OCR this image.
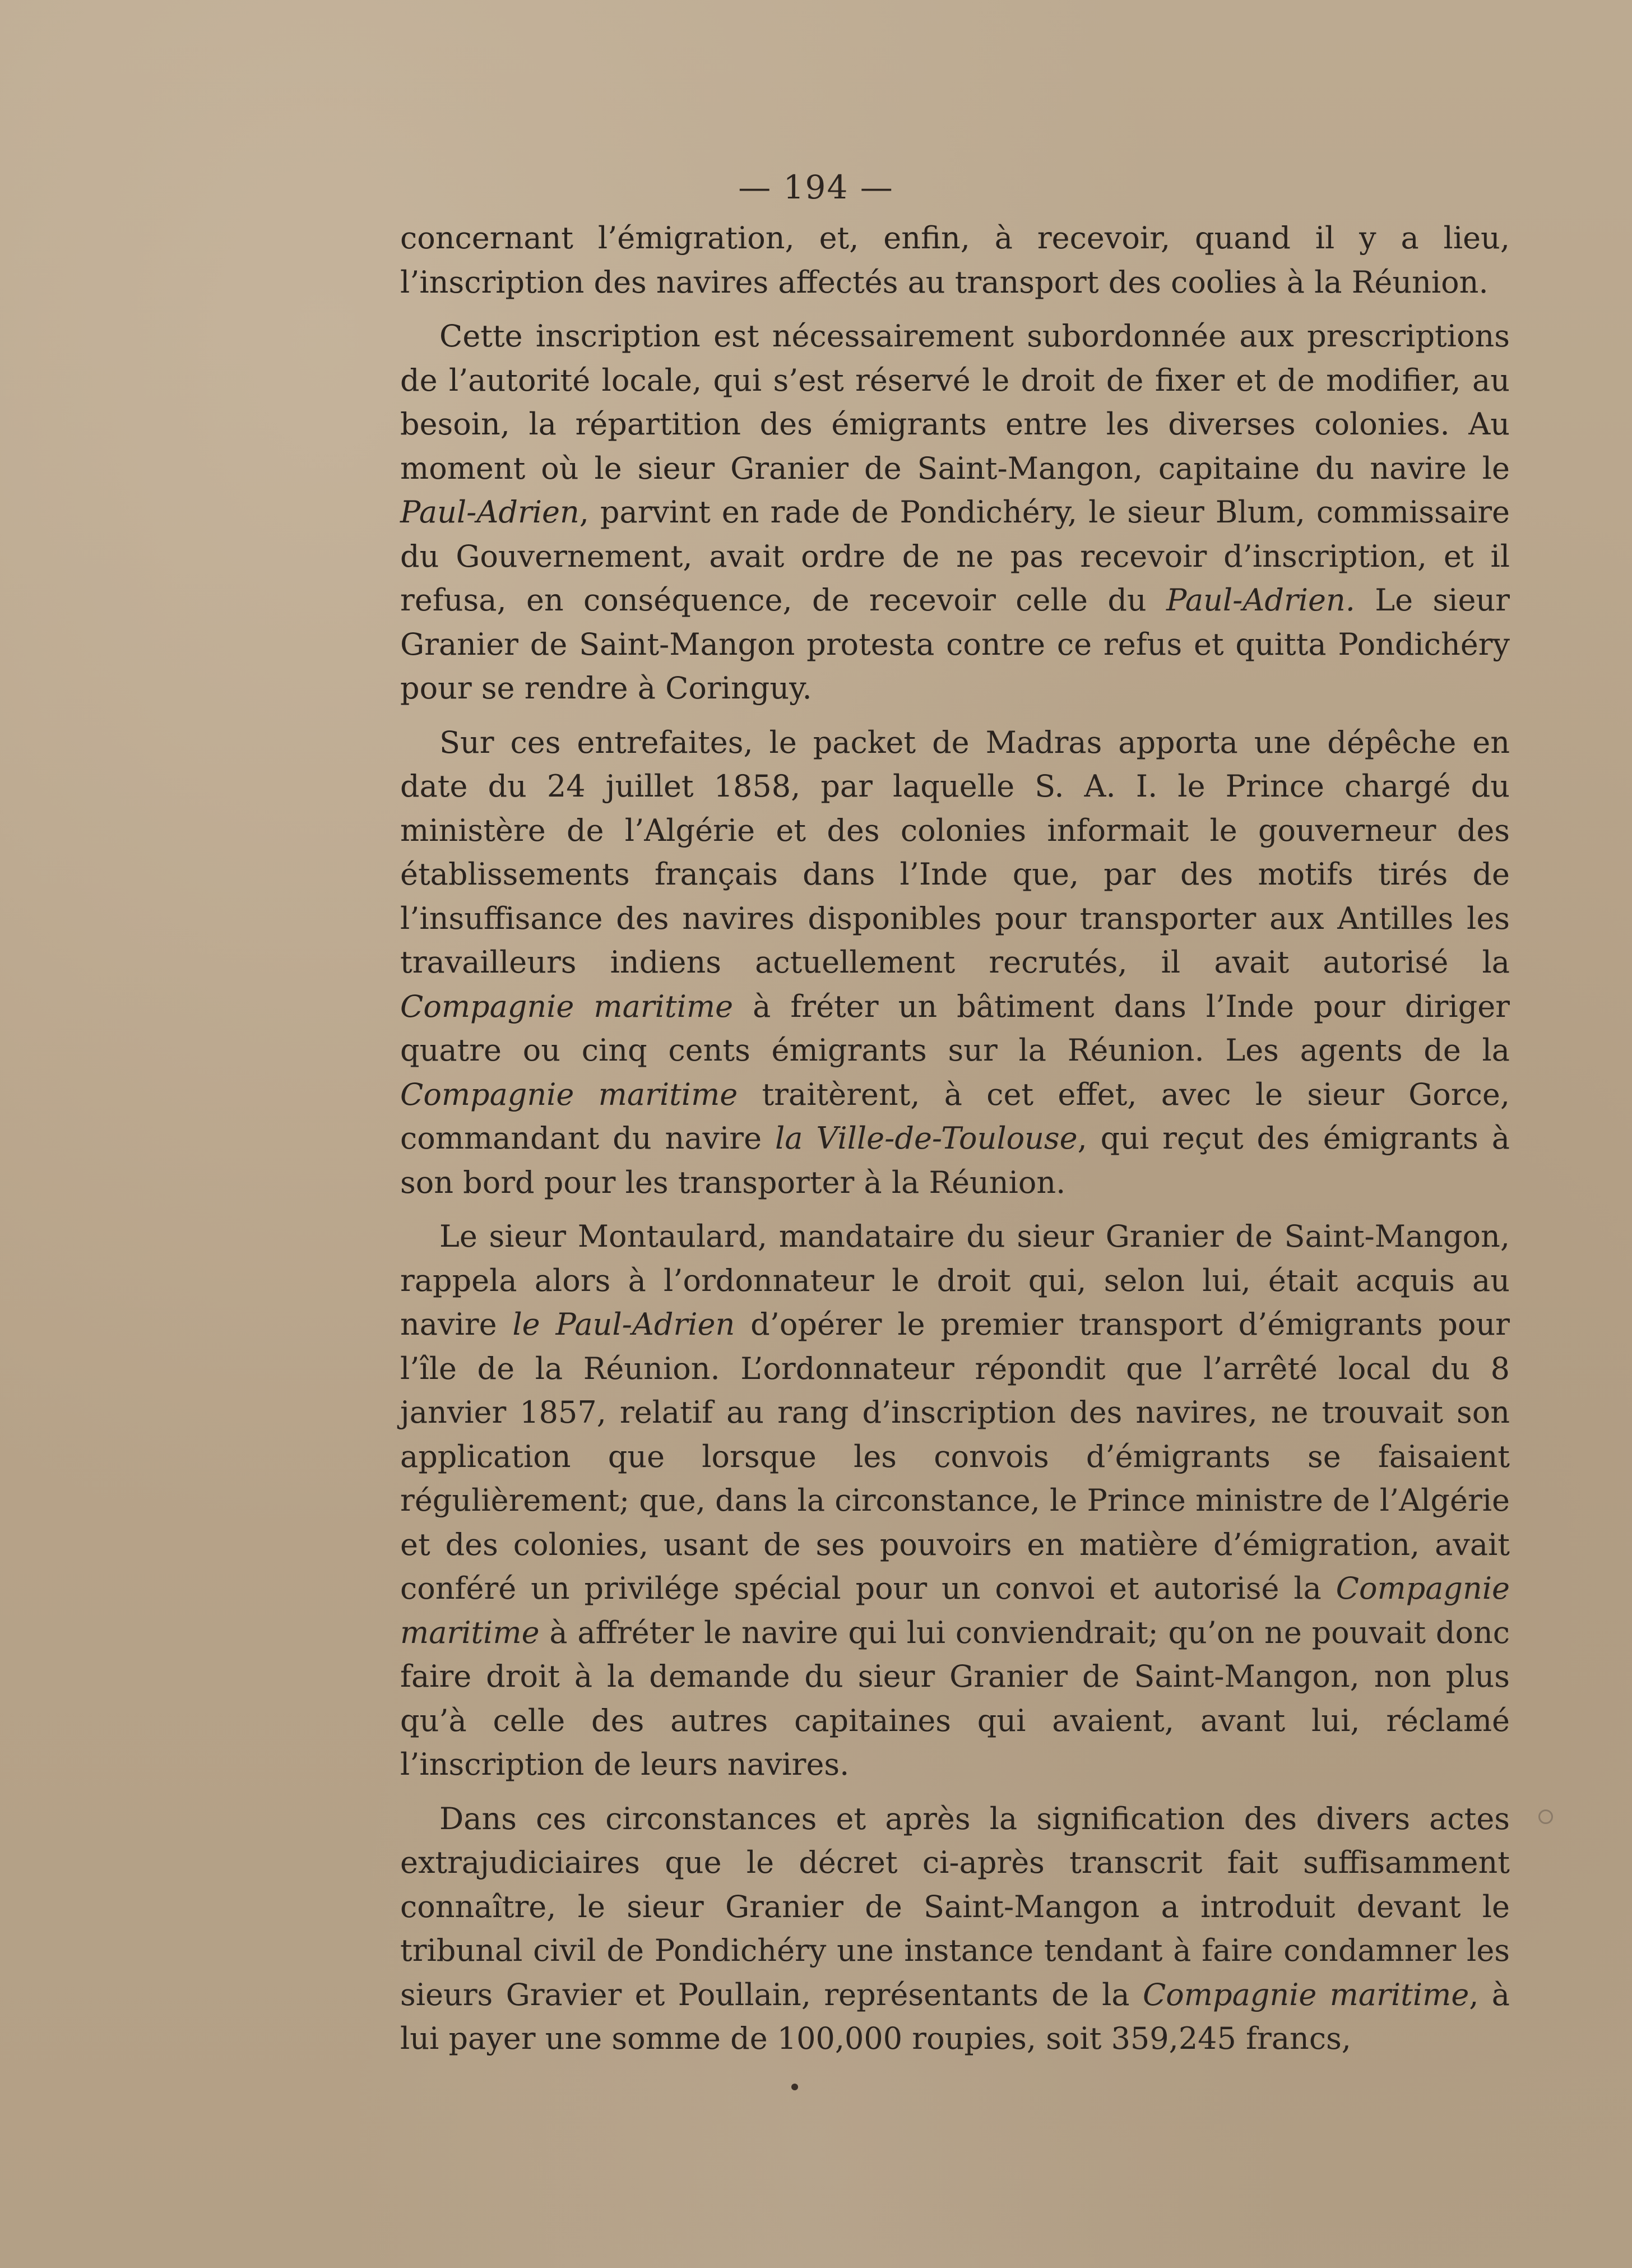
— 194 —

concernant l’émigration, et, enfin, à recevoir, quand il y a lieu, l’inscription des navires affectés au transport des coolies à la Réunion.

Cette inscription est nécessairement subordonnée aux prescriptions de l’autorité locale, qui s’est réservé le droit de fixer et de modifier, au besoin, la répartition des émigrants entre les diverses colonies. Au moment où le sieur Granier de Saint-Mangon, capitaine du navire le Paul-Adrien, parvint en rade de Pondichéry, le sieur Blum, commissaire du Gouvernement, avait ordre de ne pas recevoir d’inscription, et il refusa, en conséquence, de recevoir celle du Paul-Adrien. Le sieur Granier de Saint-Mangon protesta contre ce refus et quitta Pondichéry pour se rendre à Coringuy.

Sur ces entrefaites, le packet de Madras apporta une dépêche en date du 24 juillet 1858, par laquelle S. A. I. le Prince chargé du ministère de l’Algérie et des colonies informait le gouverneur des établissements français dans l’Inde que, par des motifs tirés de l’insuffisance des navires disponibles pour transporter aux Antilles les travailleurs indiens actuellement recrutés, il avait autorisé la Compagnie maritime à fréter un bâtiment dans l’Inde pour diriger quatre ou cinq cents émigrants sur la Réunion. Les agents de la Compagnie maritime traitèrent, à cet effet, avec le sieur Gorce, commandant du navire la Ville-de-Toulouse, qui reçut des émigrants à son bord pour les transporter à la Réunion.

Le sieur Montaulard, mandataire du sieur Granier de Saint-Mangon, rappela alors à l’ordonnateur le droit qui, selon lui, était acquis au navire le Paul-Adrien d’opérer le premier transport d’émigrants pour l’île de la Réunion. L’ordonnateur répondit que l’arrêté local du 8 janvier 1857, relatif au rang d’inscription des navires, ne trouvait son application que lorsque les convois d’émigrants se faisaient régulièrement; que, dans la circonstance, le Prince ministre de l’Algérie et des colonies, usant de ses pouvoirs en matière d’émigration, avait conféré un privilége spécial pour un convoi et autorisé la Compagnie maritime à affréter le navire qui lui conviendrait; qu’on ne pouvait donc faire droit à la demande du sieur Granier de Saint-Mangon, non plus qu’à celle des autres capitaines qui avaient, avant lui, réclamé l’inscription de leurs navires.

Dans ces circonstances et après la signification des divers actes extrajudiciaires que le décret ci-après transcrit fait suffisamment connaître, le sieur Granier de Saint-Mangon a introduit devant le tribunal civil de Pondichéry une instance tendant à faire condamner les sieurs Gravier et Poullain, représentants de la Compagnie maritime, à lui payer une somme de 100,000 roupies, soit 359,245 francs,
